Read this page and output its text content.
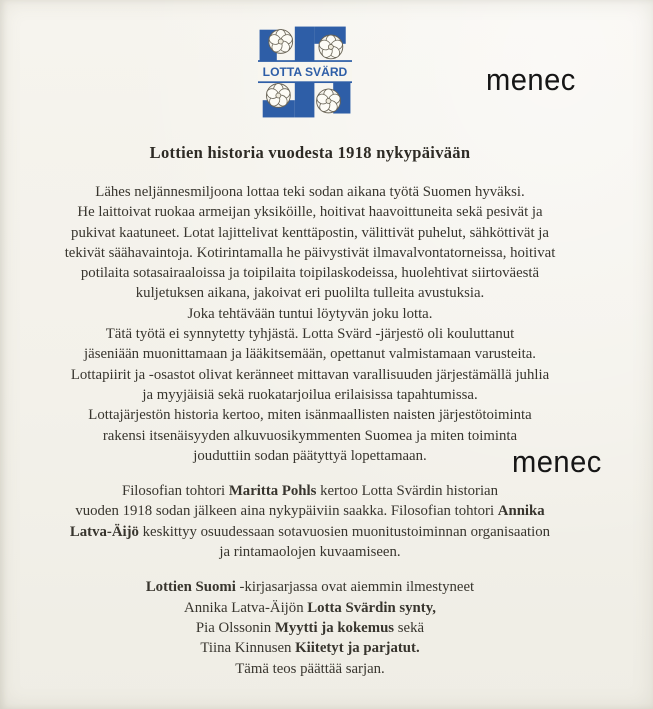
LOTTA SVÄRD	menec
menec
Lottien historia vuodesta 1918 nykypäivään
Lähes neljännesmiljoona lottaa teki sodan aikana työtä Suomen hyväksi.
He laittoivat ruokaa armeijan yksiköille, hoitivat haavoittuneita sekä pesivät ja
pukivat kaatuneet. Lotat lajittelivat kenttäpostin, välittivät puhelut, sähköttivät ja
tekivät säähavaintoja. Kotirintamalla he päivystivät ilmavalvontatorneissa, hoitivat
potilaita sotasairaaloissa ja toipilaita toipilaskodeissa, huolehtivat siirtoväestä
kuljetuksen aikana, jakoivat eri puolilta tulleita avustuksia.
Joka tehtävään tuntui löytyvän joku lotta.
Tätä työtä ei synnytetty tyhjästä. Lotta Svärd -järjestö oli kouluttanut
jäseniään muonittamaan ja lääkitsemään, opettanut valmistamaan varusteita.
Lottapiirit ja -osastot olivat keränneet mittavan varallisuuden järjestämällä juhlia
ja myyjäisiä sekä ruokatarjoilua erilaisissa tapahtumissa.
Lottajärjestön historia kertoo, miten isänmaallisten naisten järjestötoiminta
rakensi itsenäisyyden alkuvuosikymmenten Suomea ja miten toiminta
jouduttiin sodan päätyttyä lopettamaan.
Filosofian tohtori Maritta Pohls kertoo Lotta Svärdin historian
vuoden 1918 sodan jälkeen aina nykypäiviin saakka. Filosofian tohtori Annika
Latva-Äijö keskittyy osuudessaan sotavuosien muonitustoiminnan organisaation
ja rintamaolojen kuvaamiseen.
Lottien Suomi -kirjasarjassa ovat aiemmin ilmestyneet
Annika Latva-Äijön Lotta Svärdin synty,
Pia Olssonin Myytti ja kokemus sekä
Tiina Kinnusen Kiitetyt ja parjatut.
Tämä teos päättää sarjan.
